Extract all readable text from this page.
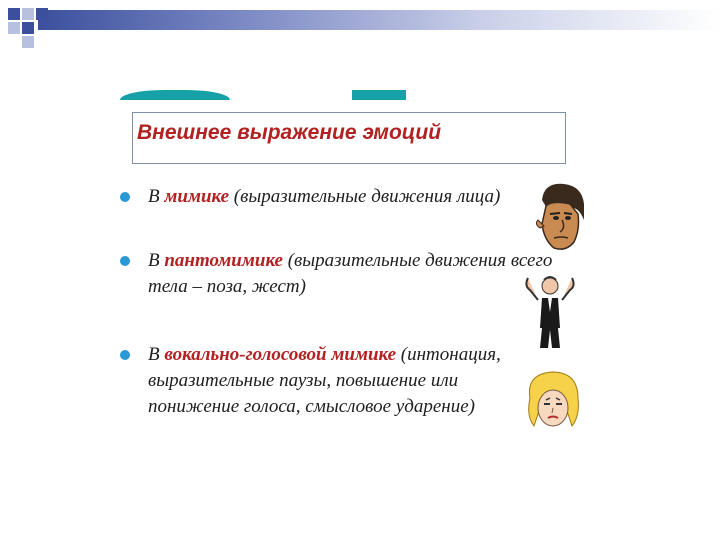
Внешнее выражение эмоций
В мимике (выразительные движения лица)
В пантомимике (выразительные движения всего тела – поза, жест)
В вокально-голосовой мимике (интонация, выразительные паузы, повышение или понижение голоса, смысловое ударение)
